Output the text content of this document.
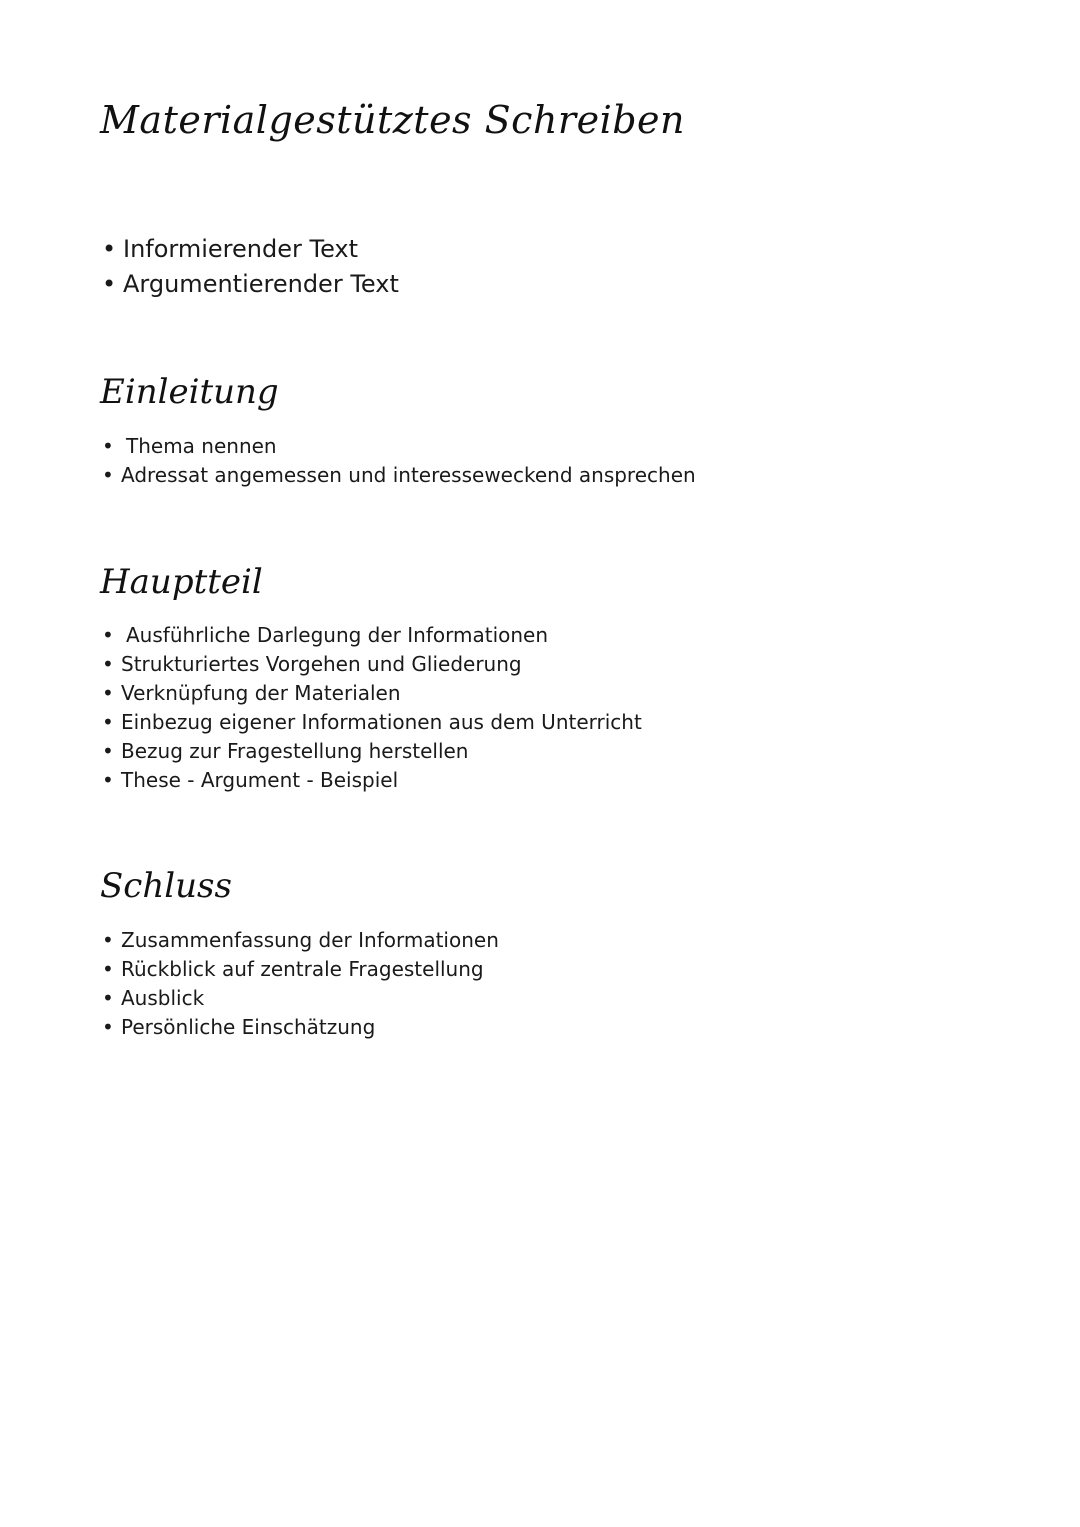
Materialgestütztes Schreiben
• Informierender Text
• Argumentierender Text
Einleitung
• Thema nennen
• Adressat angemessen und interesseweckend ansprechen
Hauptteil
• Ausführliche Darlegung der Informationen
• Strukturiertes Vorgehen und Gliederung
• Verknüpfung der Materialen
• Einbezug eigener Informationen aus dem Unterricht
• Bezug zur Fragestellung herstellen
• These - Argument - Beispiel
Schluss
• Zusammenfassung der Informationen
• Rückblick auf zentrale Fragestellung
• Ausblick
• Persönliche Einschätzung
